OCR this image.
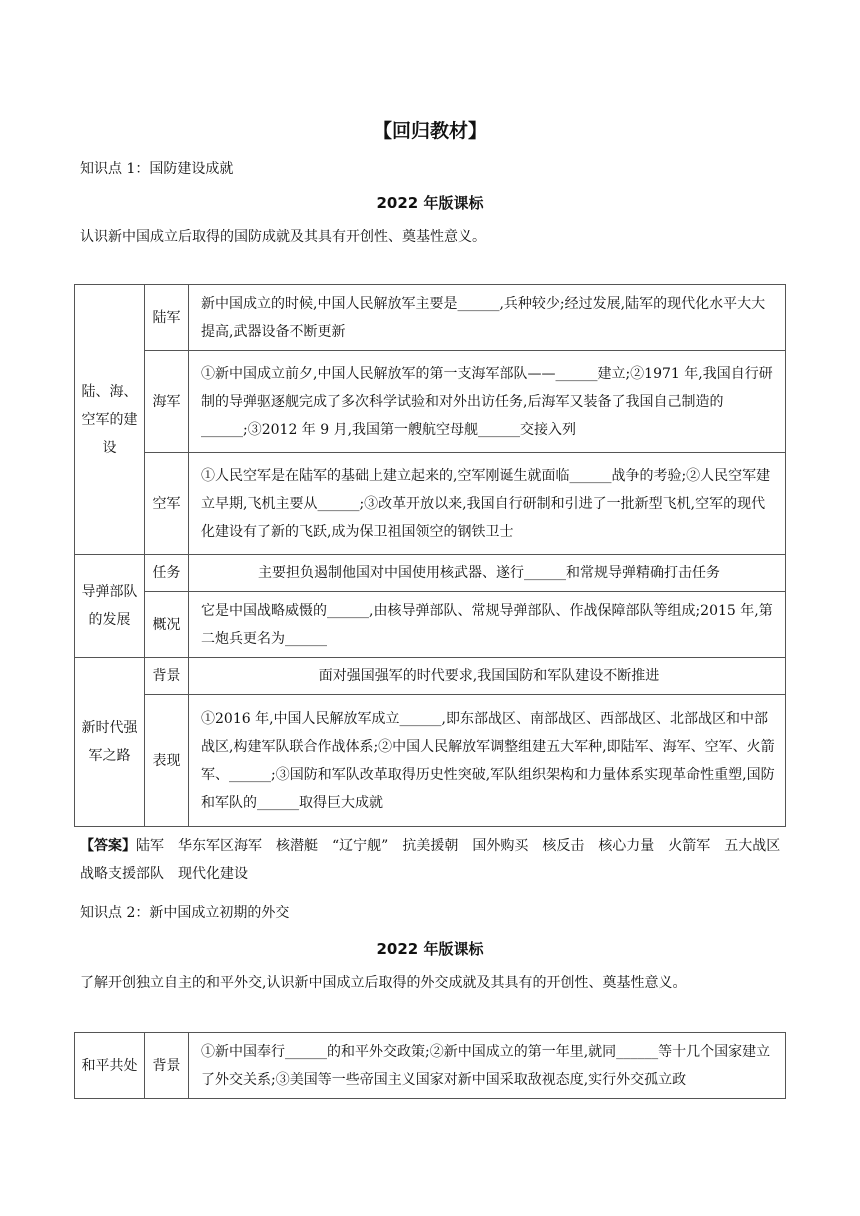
【回归教材】
知识点 1：国防建设成就
2022 年版课标
认识新中国成立后取得的国防成就及其具有开创性、奠基性意义。
陆、海、空军的建设	陆军	新中国成立的时候,中国人民解放军主要是______,兵种较少;经过发展,陆军的现代化水平大大提高,武器设备不断更新
	海军	①新中国成立前夕,中国人民解放军的第一支海军部队——______建立;②1971 年,我国自行研制的导弹驱逐舰完成了多次科学试验和对外出访任务,后海军又装备了我国自己制造的______;③2012 年 9 月,我国第一艘航空母舰______交接入列
	空军	①人民空军是在陆军的基础上建立起来的,空军刚诞生就面临______战争的考验;②人民空军建立早期,飞机主要从______;③改革开放以来,我国自行研制和引进了一批新型飞机,空军的现代化建设有了新的飞跃,成为保卫祖国领空的钢铁卫士
导弹部队的发展	任务	主要担负遏制他国对中国使用核武器、遂行______和常规导弹精确打击任务
	概况	它是中国战略威慑的______,由核导弹部队、常规导弹部队、作战保障部队等组成;2015 年,第二炮兵更名为______
新时代强军之路	背景	面对强国强军的时代要求,我国国防和军队建设不断推进
	表现	①2016 年,中国人民解放军成立______,即东部战区、南部战区、西部战区、北部战区和中部战区,构建军队联合作战体系;②中国人民解放军调整组建五大军种,即陆军、海军、空军、火箭军、______;③国防和军队改革取得历史性突破,军队组织架构和力量体系实现革命性重塑,国防和军队的______取得巨大成就
【答案】陆军　华东军区海军　核潜艇　“辽宁舰”　抗美援朝　国外购买　核反击　核心力量　火箭军　五大战区　战略支援部队　现代化建设
知识点 2：新中国成立初期的外交
2022 年版课标
了解开创独立自主的和平外交,认识新中国成立后取得的外交成就及其具有的开创性、奠基性意义。
和平共处	背景	①新中国奉行______的和平外交政策;②新中国成立的第一年里,就同______等十几个国家建立了外交关系;③美国等一些帝国主义国家对新中国采取敌视态度,实行外交孤立政
